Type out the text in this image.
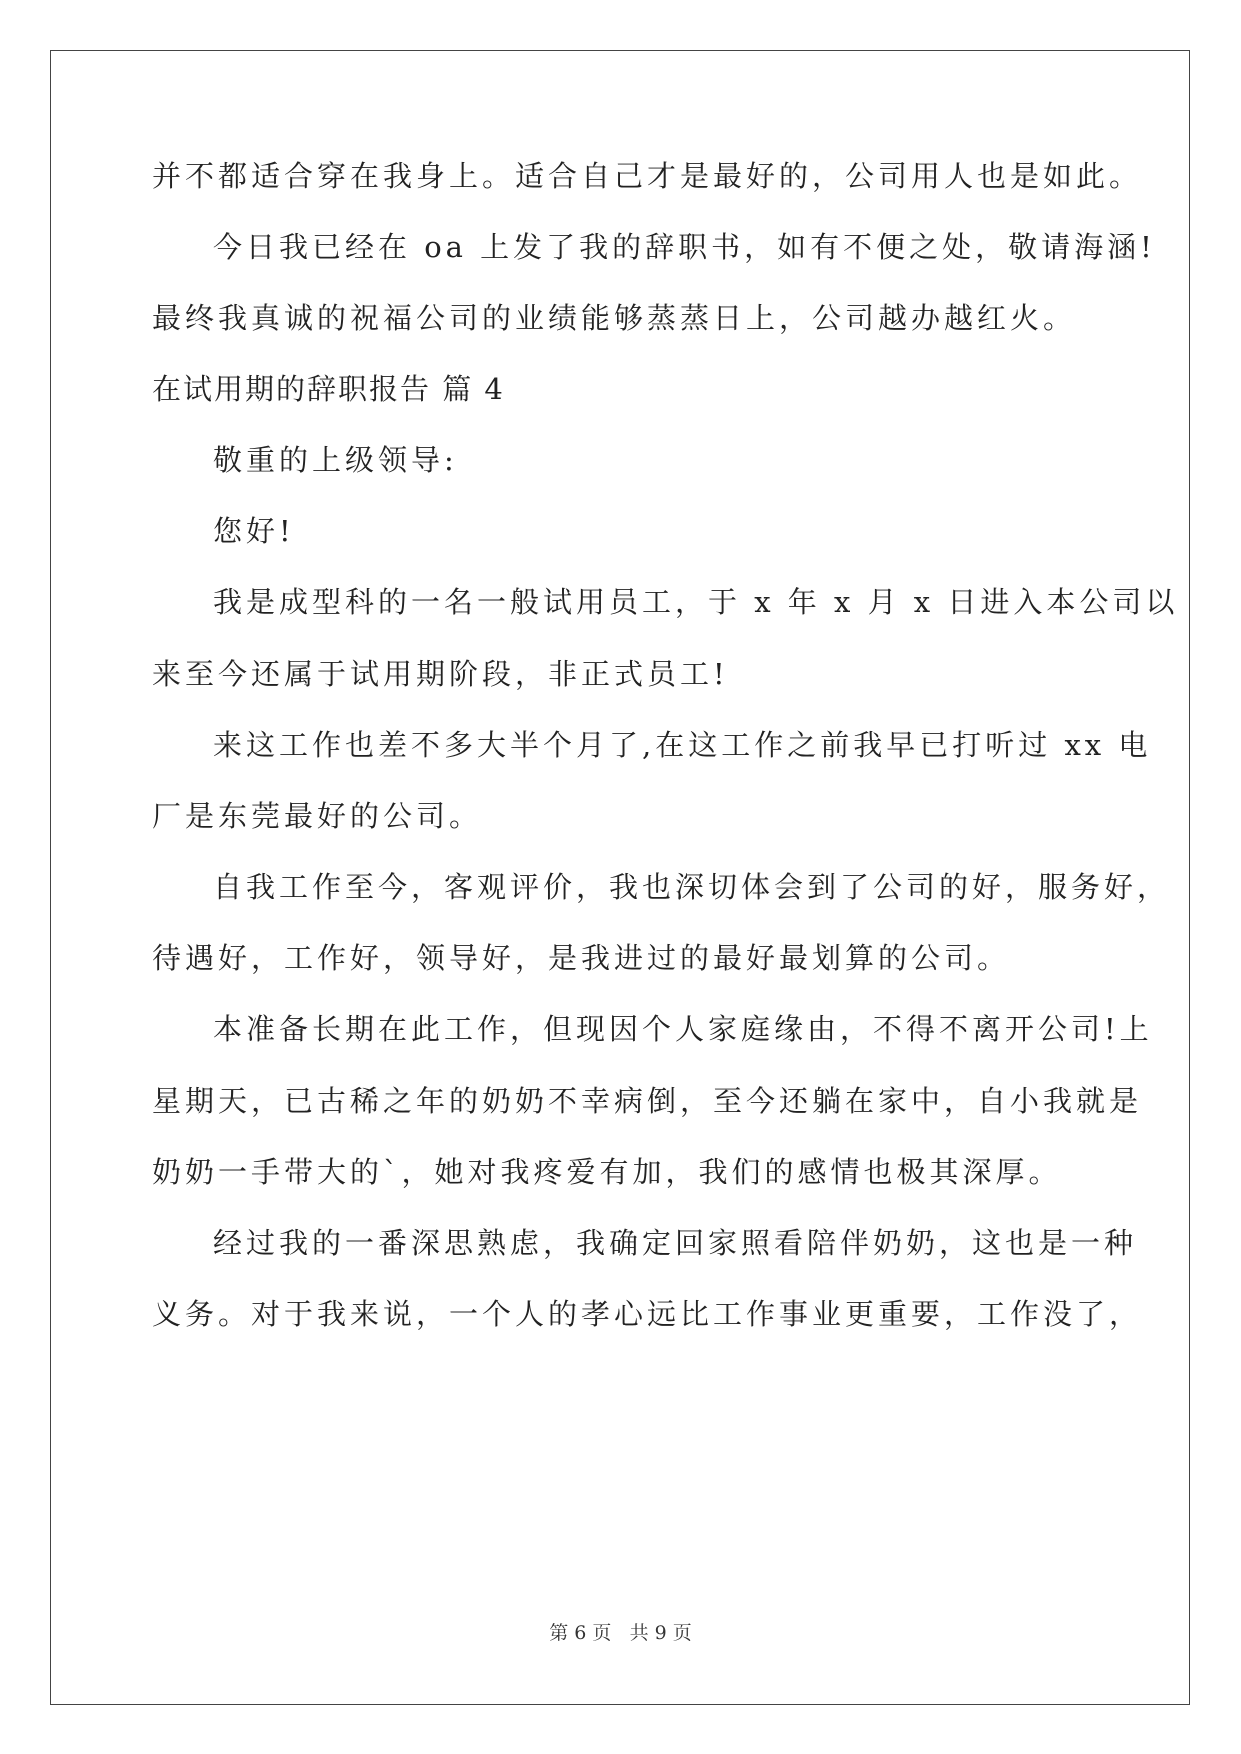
并不都适合穿在我身上。适合自己才是最好的，公司用人也是如此。

今日我已经在 oa 上发了我的辞职书，如有不便之处，敬请海涵!

最终我真诚的祝福公司的业绩能够蒸蒸日上，公司越办越红火。

在试用期的辞职报告 篇 4

敬重的上级领导:

您好!

我是成型科的一名一般试用员工，于 x 年 x 月 x 日进入本公司以

来至今还属于试用期阶段，非正式员工!

来这工作也差不多大半个月了,在这工作之前我早已打听过 xx 电

厂是东莞最好的公司。

自我工作至今，客观评价，我也深切体会到了公司的好，服务好，

待遇好，工作好，领导好，是我进过的最好最划算的公司。

本准备长期在此工作，但现因个人家庭缘由，不得不离开公司!上

星期天，已古稀之年的奶奶不幸病倒，至今还躺在家中，自小我就是

奶奶一手带大的`，她对我疼爱有加，我们的感情也极其深厚。

经过我的一番深思熟虑，我确定回家照看陪伴奶奶，这也是一种

义务。对于我来说，一个人的孝心远比工作事业更重要，工作没了，

第 6 页 共 9 页
